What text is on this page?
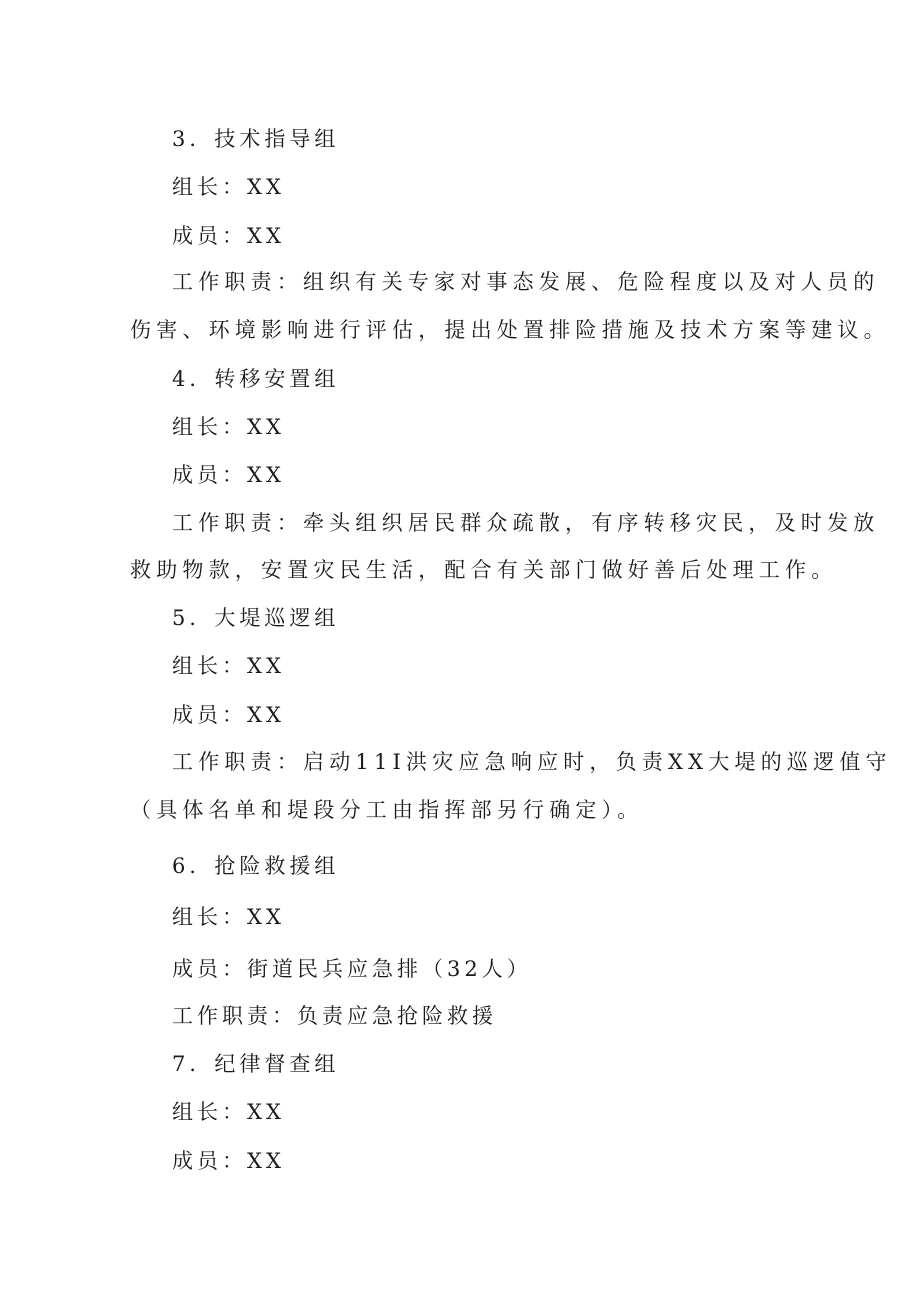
3．技术指导组
组长：XX
成员：XX
工作职责：组织有关专家对事态发展、危险程度以及对人员的
伤害、环境影响进行评估，提出处置排险措施及技术方案等建议。
4．转移安置组
组长：XX
成员：XX
工作职责：牵头组织居民群众疏散，有序转移灾民，及时发放
救助物款，安置灾民生活，配合有关部门做好善后处理工作。
5．大堤巡逻组
组长：XX
成员：XX
工作职责：启动11I洪灾应急响应时，负责XX大堤的巡逻值守
（具体名单和堤段分工由指挥部另行确定）。
6．抢险救援组
组长：XX
成员：街道民兵应急排（32人）
工作职责：负责应急抢险救援
7．纪律督查组
组长：XX
成员：XX
